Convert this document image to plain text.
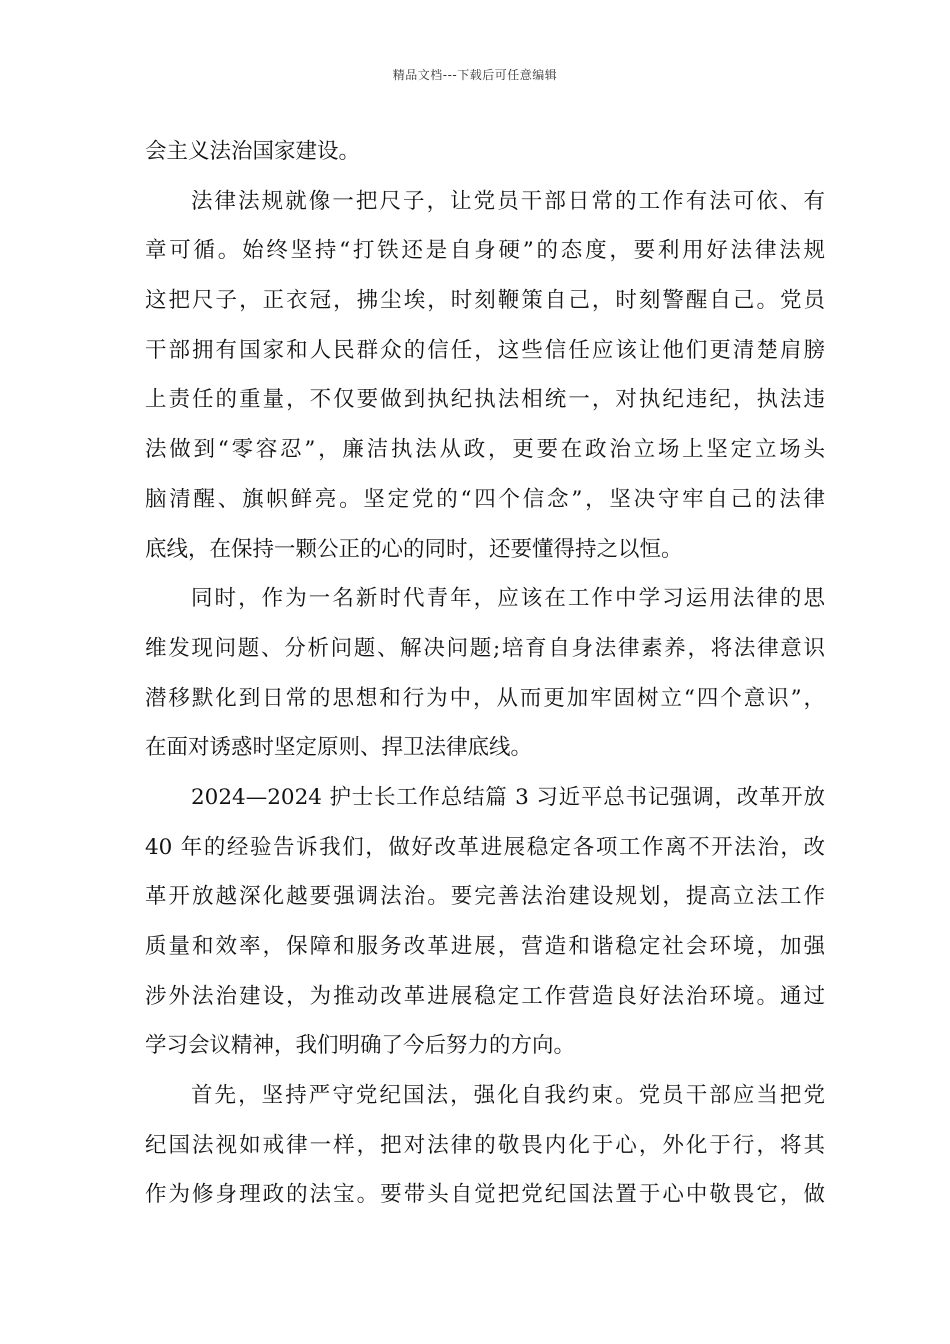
精品文档---下载后可任意编辑
会主义法治国家建设。
法律法规就像一把尺子，让党员干部日常的工作有法可依、有
章可循。始终坚持“打铁还是自身硬”的态度，要利用好法律法规
这把尺子，正衣冠，拂尘埃，时刻鞭策自己，时刻警醒自己。党员
干部拥有国家和人民群众的信任，这些信任应该让他们更清楚肩膀
上责任的重量，不仅要做到执纪执法相统一，对执纪违纪，执法违
法做到“零容忍”，廉洁执法从政，更要在政治立场上坚定立场头
脑清醒、旗帜鲜亮。坚定党的“四个信念”，坚决守牢自己的法律
底线，在保持一颗公正的心的同时，还要懂得持之以恒。
同时，作为一名新时代青年，应该在工作中学习运用法律的思
维发现问题、分析问题、解决问题;培育自身法律素养，将法律意识
潜移默化到日常的思想和行为中，从而更加牢固树立“四个意识”，
在面对诱惑时坚定原则、捍卫法律底线。
2024—2024 护士长工作总结篇 3 习近平总书记强调，改革开放
40 年的经验告诉我们，做好改革进展稳定各项工作离不开法治，改
革开放越深化越要强调法治。要完善法治建设规划，提高立法工作
质量和效率，保障和服务改革进展，营造和谐稳定社会环境，加强
涉外法治建设，为推动改革进展稳定工作营造良好法治环境。通过
学习会议精神，我们明确了今后努力的方向。
首先，坚持严守党纪国法，强化自我约束。党员干部应当把党
纪国法视如戒律一样，把对法律的敬畏内化于心，外化于行，将其
作为修身理政的法宝。要带头自觉把党纪国法置于心中敬畏它，做
